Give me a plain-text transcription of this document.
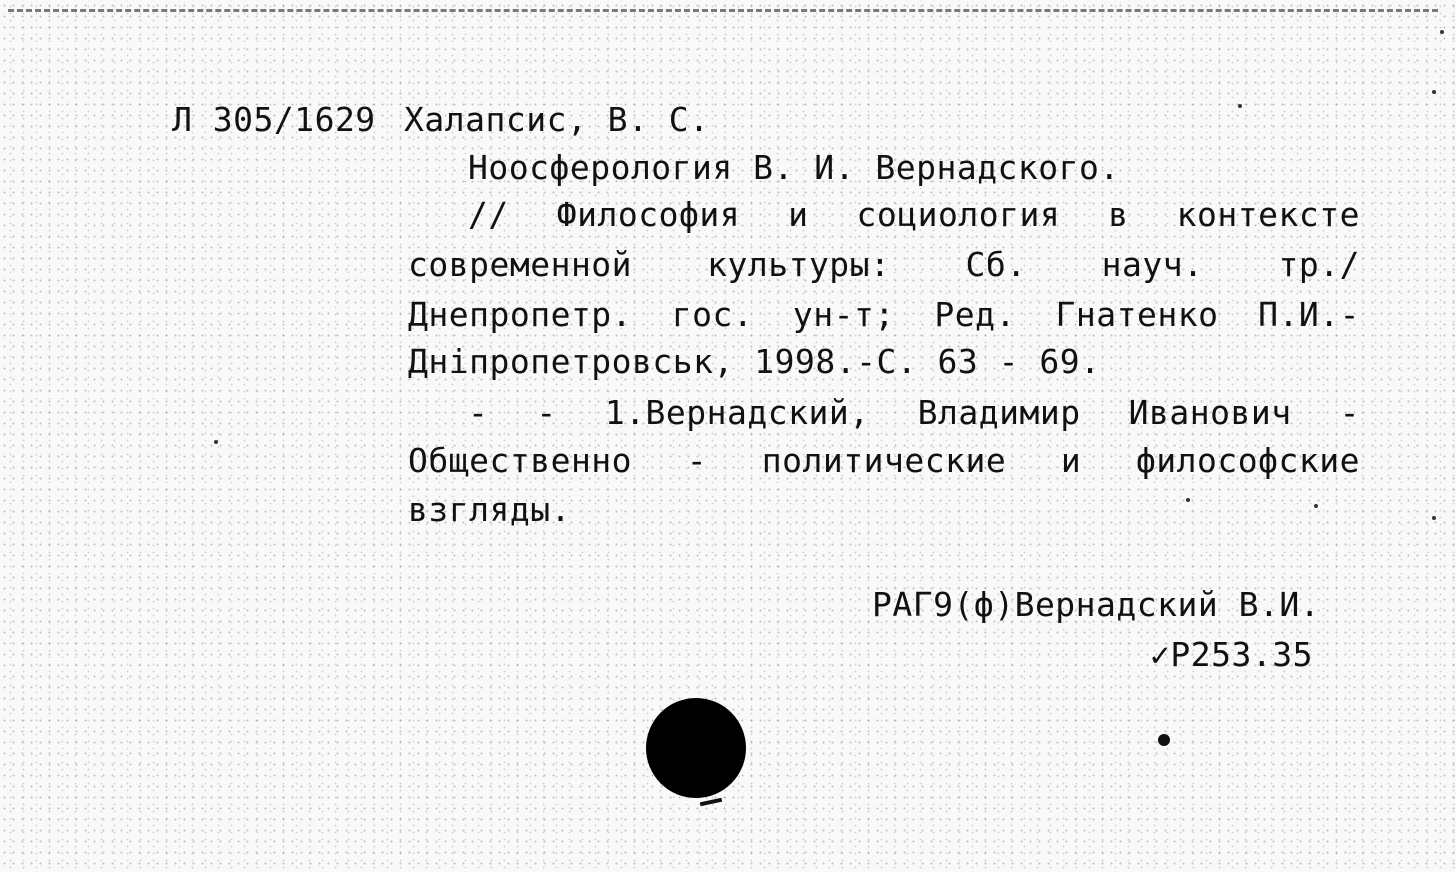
Л 305/1629 Халапсис, В. С.
Ноосферология В. И. Вернадского.
// Философия и социология в контексте
современной культуры: Сб. науч. тр./
Днепропетр. гос. ун-т; Ред. Гнатенко П.И.-
Дніпропетровськ, 1998.-С. 63 - 69.
- - 1.Вернадский, Владимир Иванович -
Общественно - политические и философские
взгляды.
РАГ9(ф)Вернадский В.И.
✓Р253.35
